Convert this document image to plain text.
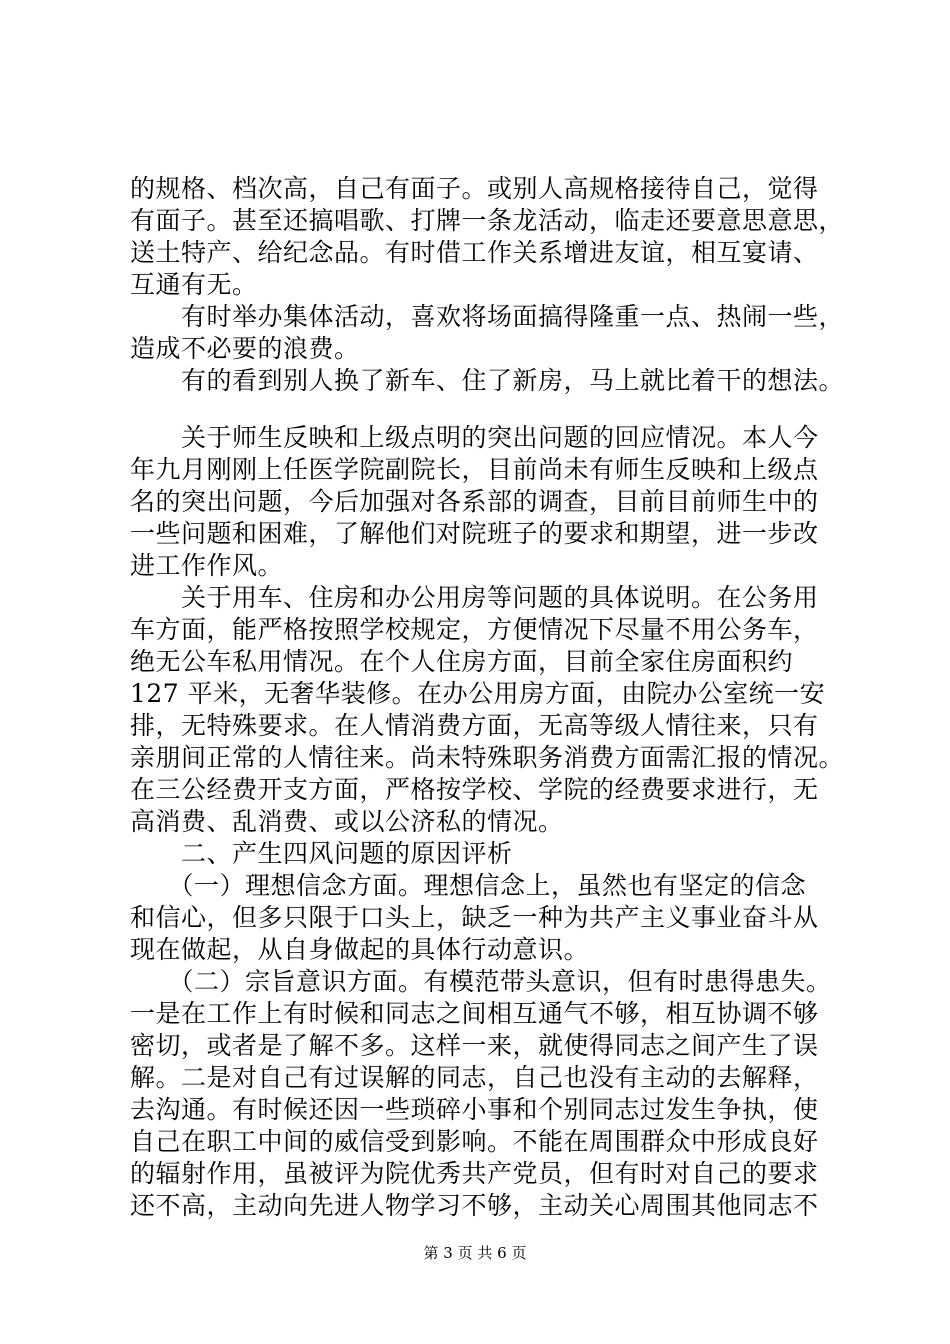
的规格、档次高，自己有面子。或别人高规格接待自己，觉得
有面子。甚至还搞唱歌、打牌一条龙活动，临走还要意思意思，
送土特产、给纪念品。有时借工作关系增进友谊，相互宴请、
互通有无。
　　有时举办集体活动，喜欢将场面搞得隆重一点、热闹一些，
造成不必要的浪费。
　　有的看到别人换了新车、住了新房，马上就比着干的想法。
　　关于师生反映和上级点明的突出问题的回应情况。本人今
年九月刚刚上任医学院副院长，目前尚未有师生反映和上级点
名的突出问题，今后加强对各系部的调查，目前目前师生中的
一些问题和困难，了解他们对院班子的要求和期望，进一步改
进工作作风。
　　关于用车、住房和办公用房等问题的具体说明。在公务用
车方面，能严格按照学校规定，方便情况下尽量不用公务车，
绝无公车私用情况。在个人住房方面，目前全家住房面积约
127 平米，无奢华装修。在办公用房方面，由院办公室统一安
排，无特殊要求。在人情消费方面，无高等级人情往来，只有
亲朋间正常的人情往来。尚未特殊职务消费方面需汇报的情况。
在三公经费开支方面，严格按学校、学院的经费要求进行，无
高消费、乱消费、或以公济私的情况。
　　二、产生四风问题的原因评析
　　（一）理想信念方面。理想信念上，虽然也有坚定的信念
和信心，但多只限于口头上，缺乏一种为共产主义事业奋斗从
现在做起，从自身做起的具体行动意识。
　　（二）宗旨意识方面。有模范带头意识，但有时患得患失。
一是在工作上有时候和同志之间相互通气不够，相互协调不够
密切，或者是了解不多。这样一来，就使得同志之间产生了误
解。二是对自己有过误解的同志，自己也没有主动的去解释，
去沟通。有时候还因一些琐碎小事和个别同志过发生争执，使
自己在职工中间的威信受到影响。不能在周围群众中形成良好
的辐射作用，虽被评为院优秀共产党员，但有时对自己的要求
还不高，主动向先进人物学习不够，主动关心周围其他同志不
第 3 页 共 6 页
